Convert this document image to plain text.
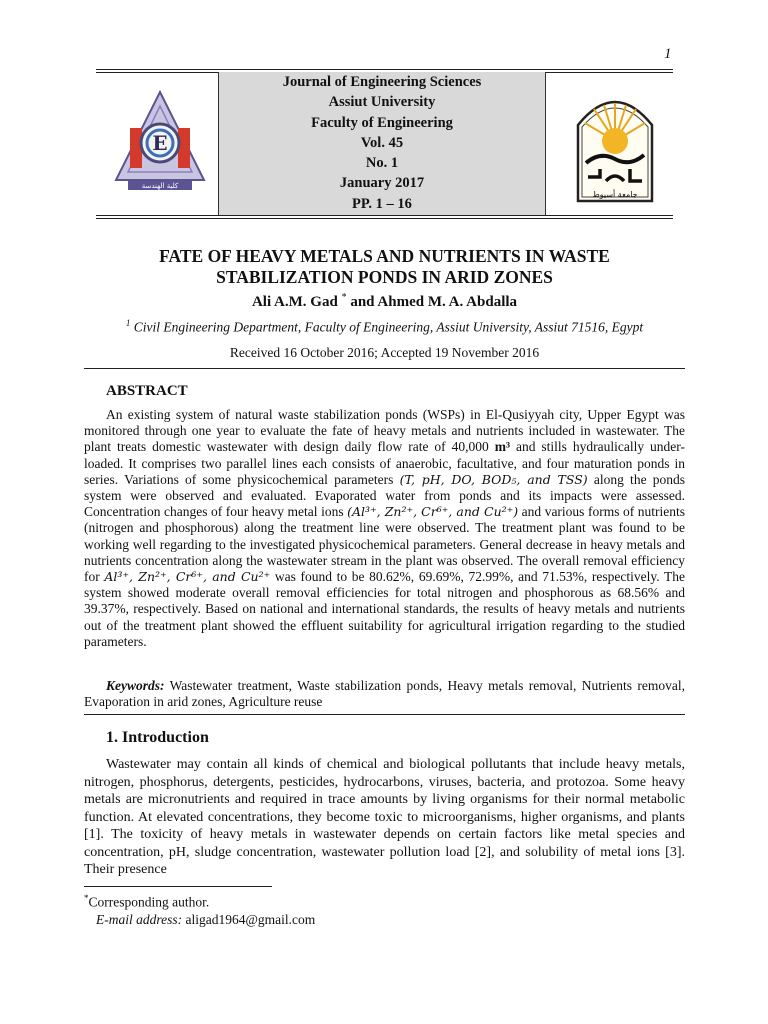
1
E
كلية الهندسة
Journal of Engineering Sciences
Assiut University
Faculty of Engineering
Vol. 45
No. 1
January 2017
PP. 1 – 16
جامعة أسيوط
FATE OF HEAVY METALS AND NUTRIENTS IN WASTE
STABILIZATION PONDS IN ARID ZONES
Ali A.M. Gad * and Ahmed M. A. Abdalla
$^1$ Civil Engineering Department, Faculty of Engineering, Assiut University, Assiut 71516, Egypt
Received 16 October 2016; Accepted 19 November 2016
ABSTRACT

An existing system of natural waste stabilization ponds (WSPs) in El-Qusiyyah city, Upper Egypt was monitored through one year to evaluate the fate of heavy metals and nutrients included in wastewater. The plant treats domestic wastewater with design daily flow rate of 40,000 m³ and stills hydraulically under-loaded. It comprises two parallel lines each consists of anaerobic, facultative, and four maturation ponds in series. Variations of some physicochemical parameters (T, pH, DO, BOD₅, and TSS) along the ponds system were observed and evaluated. Evaporated water from ponds and its impacts were assessed. Concentration changes of four heavy metal ions (Al³⁺, Zn²⁺, Cr⁶⁺, and Cu²⁺) and various forms of nutrients (nitrogen and phosphorous) along the treatment line were observed. The treatment plant was found to be working well regarding to the investigated physicochemical parameters. General decrease in heavy metals and nutrients concentration along the wastewater stream in the plant was observed. The overall removal efficiency for Al³⁺, Zn²⁺, Cr⁶⁺, and Cu²⁺ was found to be 80.62%, 69.69%, 72.99%, and 71.53%, respectively. The system showed moderate overall removal efficiencies for total nitrogen and phosphorous as 68.56% and 39.37%, respectively. Based on national and international standards, the results of heavy metals and nutrients out of the treatment plant showed the effluent suitability for agricultural irrigation regarding to the studied parameters.

Keywords: Wastewater treatment, Waste stabilization ponds, Heavy metals removal, Nutrients removal, Evaporation in arid zones, Agriculture reuse

1. Introduction

Wastewater may contain all kinds of chemical and biological pollutants that include heavy metals, nitrogen, phosphorus, detergents, pesticides, hydrocarbons, viruses, bacteria, and protozoa. Some heavy metals are micronutrients and required in trace amounts by living organisms for their normal metabolic function. At elevated concentrations, they become toxic to microorganisms, higher organisms, and plants [1]. The toxicity of heavy metals in wastewater depends on certain factors like metal species and concentration, pH, sludge concentration, wastewater pollution load [2], and solubility of metal ions [3]. Their presence

*Corresponding author.
E-mail address: aligad1964@gmail.com
